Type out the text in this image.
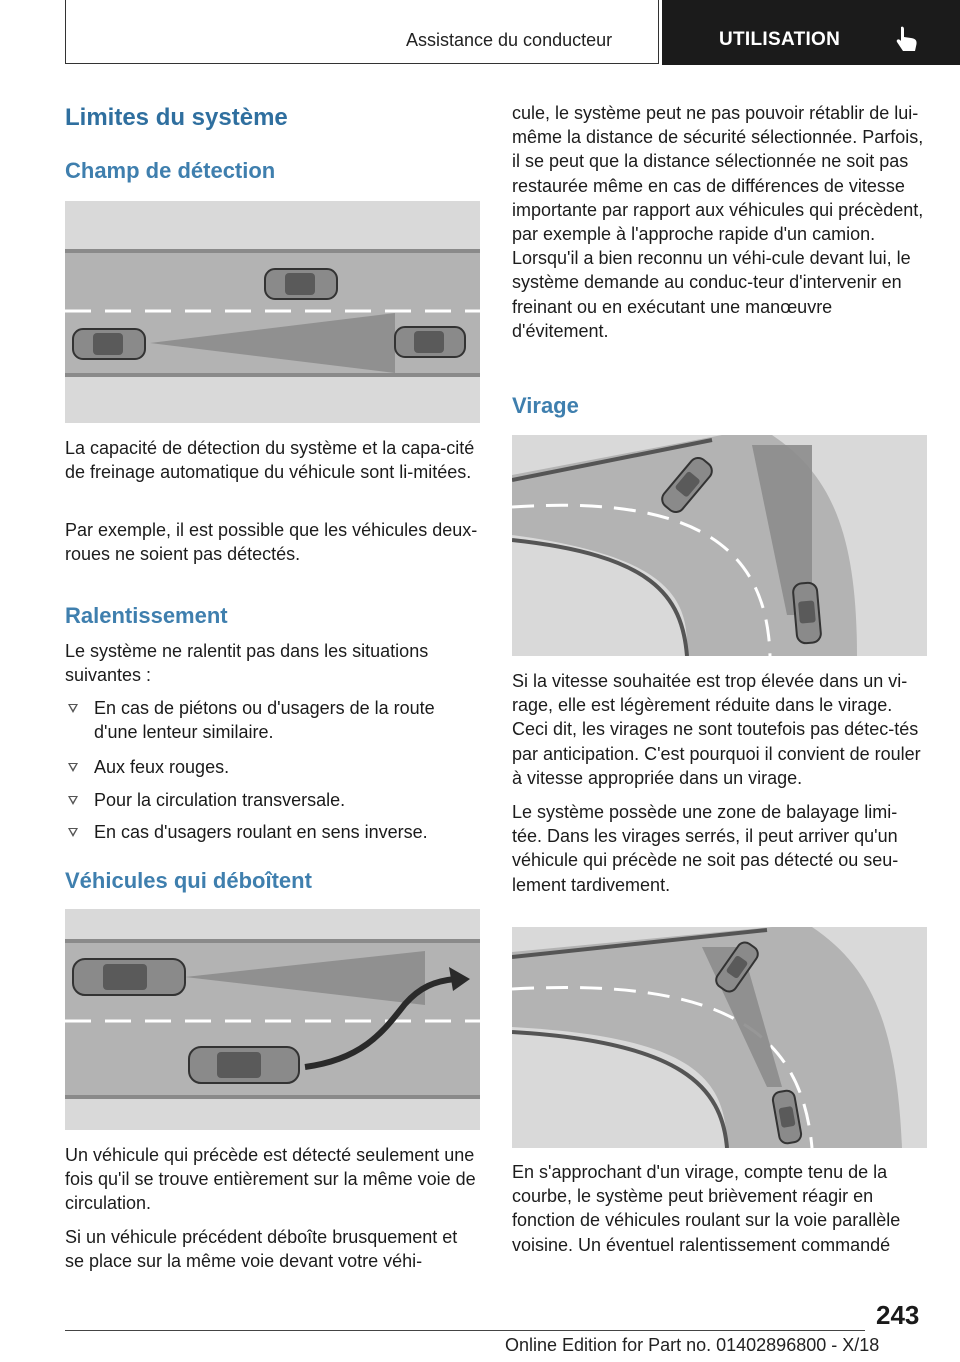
Assistance du conducteur	UTILISATION
Limites du système
Champ de détection

La capacité de détection du système et la capa-cité de freinage automatique du véhicule sont li-mitées.

Par exemple, il est possible que les véhicules deux-roues ne soient pas détectés.

Ralentissement

Le système ne ralentit pas dans les situations suivantes :

En cas de piétons ou d'usagers de la route d'une lenteur similaire.
Aux feux rouges.
Pour la circulation transversale.
En cas d'usagers roulant en sens inverse.
Véhicules qui déboîtent

Un véhicule qui précède est détecté seulement une fois qu'il se trouve entièrement sur la même voie de circulation.

Si un véhicule précédent déboîte brusquement et se place sur la même voie devant votre véhi-

cule, le système peut ne pas pouvoir rétablir de lui-même la distance de sécurité sélectionnée. Parfois, il se peut que la distance sélectionnée ne soit pas restaurée même en cas de différences de vitesse importante par rapport aux véhicules qui précèdent, par exemple à l'approche rapide d'un camion. Lorsqu'il a bien reconnu un véhi-cule devant lui, le système demande au conduc-teur d'intervenir en freinant ou en exécutant une manœuvre d'évitement.

Virage

Si la vitesse souhaitée est trop élevée dans un vi-rage, elle est légèrement réduite dans le virage. Ceci dit, les virages ne sont toutefois pas détec-tés par anticipation. C'est pourquoi il convient de rouler à vitesse appropriée dans un virage.

Le système possède une zone de balayage limi-tée. Dans les virages serrés, il peut arriver qu'un véhicule qui précède ne soit pas détecté ou seu-lement tardivement.

En s'approchant d'un virage, compte tenu de la courbe, le système peut brièvement réagir en fonction de véhicules roulant sur la voie parallèle voisine. Un éventuel ralentissement commandé

243
Online Edition for Part no. 01402896800 - X/18
